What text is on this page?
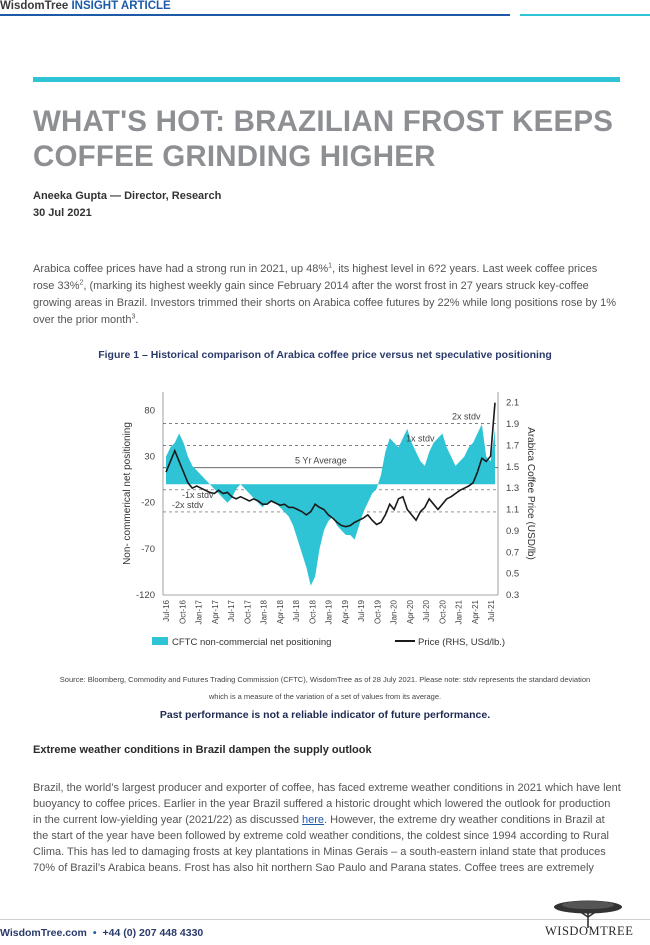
WisdomTree INSIGHT ARTICLE
WHAT'S HOT: BRAZILIAN FROST KEEPS
COFFEE GRINDING HIGHER
Aneeka Gupta — Director, Research
30 Jul 2021
Arabica coffee prices have had a strong run in 2021, up 48%$^1$, its highest level in 6?2 years. Last week coffee prices rose 33%$^2$, (marking its highest weekly gain since February 2014 after the worst frost in 27 years struck key-coffee growing areas in Brazil. Investors trimmed their shorts on Arabica coffee futures by 22% while long positions rose by 1% over the prior month$^3$.
Figure 1 – Historical comparison of Arabica coffee price versus net speculative positioning
2x stdv
1x stdv
5 Yr Average
-1x stdv
-2x stdv
80
30
-20
-70
-120
2.1
1.9
1.7
1.5
1.3
1.1
0.9
0.7
0.5
0.3
Jul-16 Oct-16 Jan-17 Apr-17 Jul-17 Oct-17 Jan-18 Apr-18 Jul-18 Oct-18 Jan-19 Apr-19 Jul-19 Oct-19 Jan-20 Apr-20 Jul-20 Oct-20 Jan-21 Apr-21 Jul-21
Non- commerical net positioning	Arabica Coffee Price (USD/lb)
CFTC non-commercial net positioning	Price (RHS, USd/lb.)
Source: Bloomberg, Commodity and Futures Trading Commission (CFTC), WisdomTree as of 28 July 2021. Please note: stdv represents the standard deviation
which is a measure of the variation of a set of values from its average.
Past performance is not a reliable indicator of future performance.
Extreme weather conditions in Brazil dampen the supply outlook
Brazil, the world’s largest producer and exporter of coffee, has faced extreme weather conditions in 2021 which have lent buoyancy to coffee prices. Earlier in the year Brazil suffered a historic drought which lowered the outlook for production in the current low-yielding year (2021/22) as discussed here. However, the extreme dry weather conditions in Brazil at the start of the year have been followed by extreme cold weather conditions, the coldest since 1994 according to Rural Clima. This has led to damaging frosts at key plantations in Minas Gerais – a south-eastern inland state that produces 70% of Brazil’s Arabica beans. Frost has also hit northern Sao Paulo and Parana states. Coffee trees are extremely
WisdomTree.com • +44 (0) 207 448 4330	WISDOMTREE
